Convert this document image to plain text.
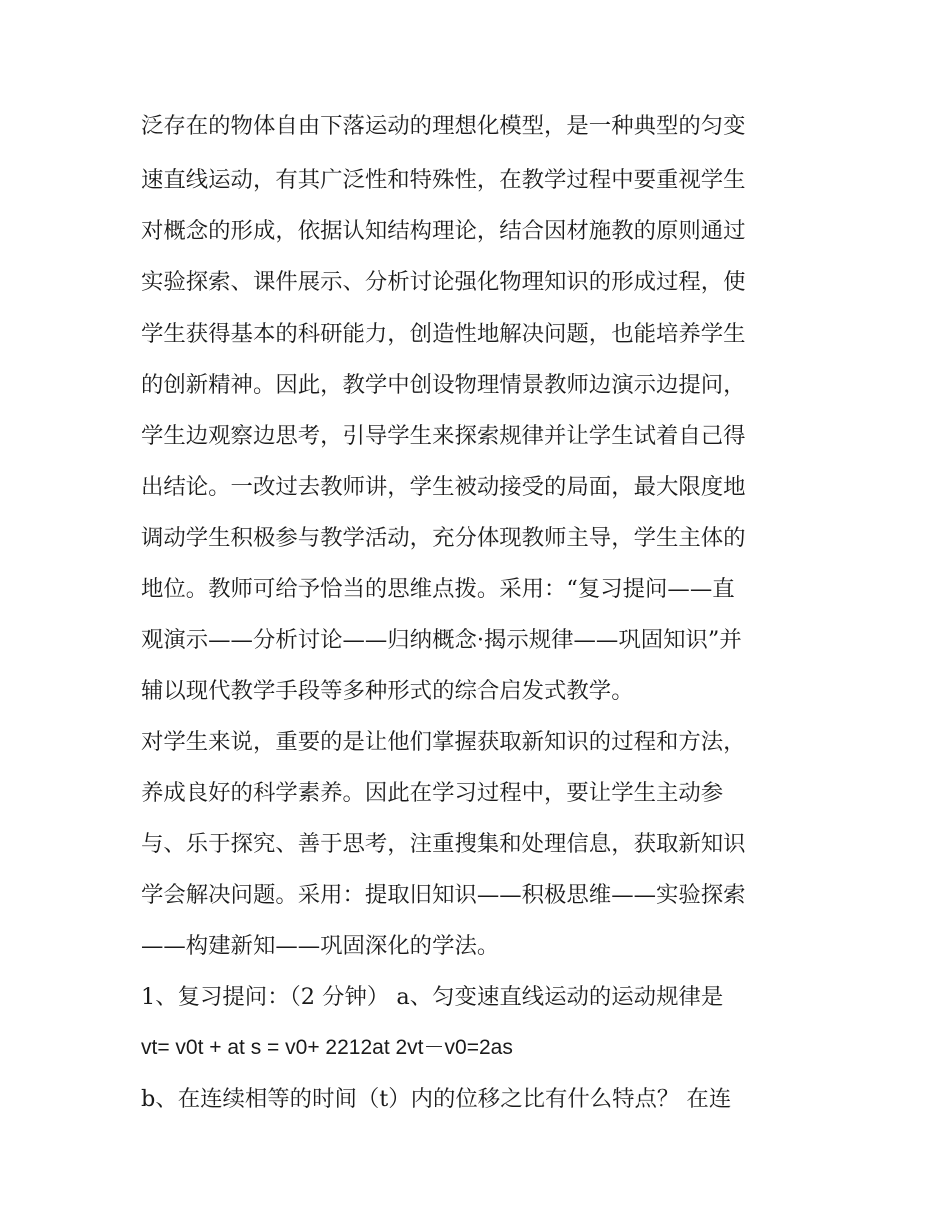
泛存在的物体自由下落运动的理想化模型，是一种典型的匀变
速直线运动，有其广泛性和特殊性，在教学过程中要重视学生
对概念的形成，依据认知结构理论，结合因材施教的原则通过
实验探索、课件展示、分析讨论强化物理知识的形成过程，使
学生获得基本的科研能力，创造性地解决问题，也能培养学生
的创新精神。因此，教学中创设物理情景教师边演示边提问，
学生边观察边思考，引导学生来探索规律并让学生试着自己得
出结论。一改过去教师讲，学生被动接受的局面，最大限度地
调动学生积极参与教学活动，充分体现教师主导，学生主体的
地位。教师可给予恰当的思维点拨。采用：“复习提问——直
观演示——分析讨论——归纳概念·揭示规律——巩固知识”并
辅以现代教学手段等多种形式的综合启发式教学。
对学生来说，重要的是让他们掌握获取新知识的过程和方法，
养成良好的科学素养。因此在学习过程中，要让学生主动参
与、乐于探究、善于思考，注重搜集和处理信息，获取新知识
学会解决问题。采用：提取旧知识——积极思维——实验探索
——构建新知——巩固深化的学法。
1、复习提问：（2 分钟） a、匀变速直线运动的运动规律是
vt= v0t + at s = v0+ 2212at 2vt－v0=2as
b、在连续相等的时间（t）内的位移之比有什么特点？ 在连
